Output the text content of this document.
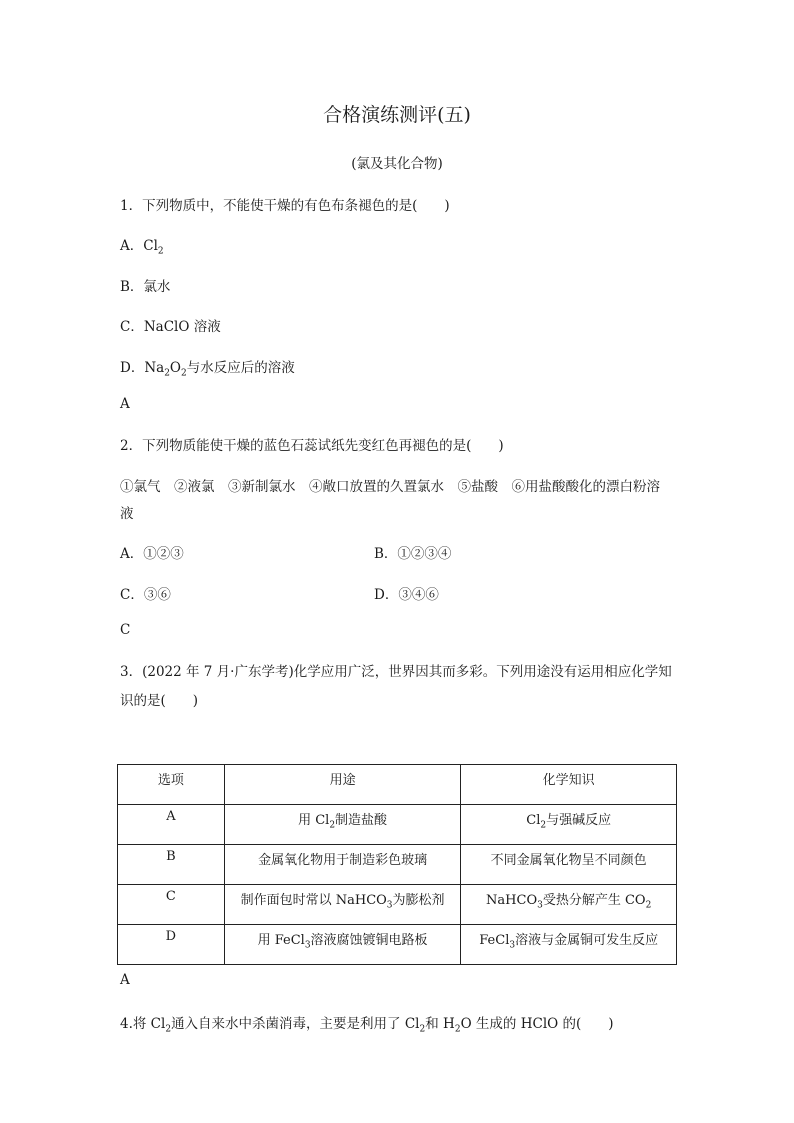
合格演练测评(五)
(氯及其化合物)
1．下列物质中，不能使干燥的有色布条褪色的是(　　)
A．$Cl_2$
B．氯水
C．NaClO 溶液
D．$Na_2O_2$与水反应后的溶液
A
2．下列物质能使干燥的蓝色石蕊试纸先变红色再褪色的是(　　)
①氯气　②液氯　③新制氯水　④敞口放置的久置氯水　⑤盐酸　⑥用盐酸酸化的漂白粉溶
液
A．①②③	B．①②③④
C．③⑥	D．③④⑥
C
3．(2022 年 7 月·广东学考)化学应用广泛，世界因其而多彩。下列用途没有运用相应化学知
识的是(　　)
选项	用途	化学知识
A	用 $Cl_2$制造盐酸	$Cl_2$与强碱反应
B	金属氧化物用于制造彩色玻璃	不同金属氧化物呈不同颜色
C	制作面包时常以 NaHCO$_3$为膨松剂	NaHCO$_3$受热分解产生 $CO_2$
D	用 FeCl$_3$溶液腐蚀镀铜电路板	FeCl$_3$溶液与金属铜可发生反应
A
4.将 $Cl_2$通入自来水中杀菌消毒，主要是利用了 $Cl_2$和 $H_2O$ 生成的 HClO 的(　　)
